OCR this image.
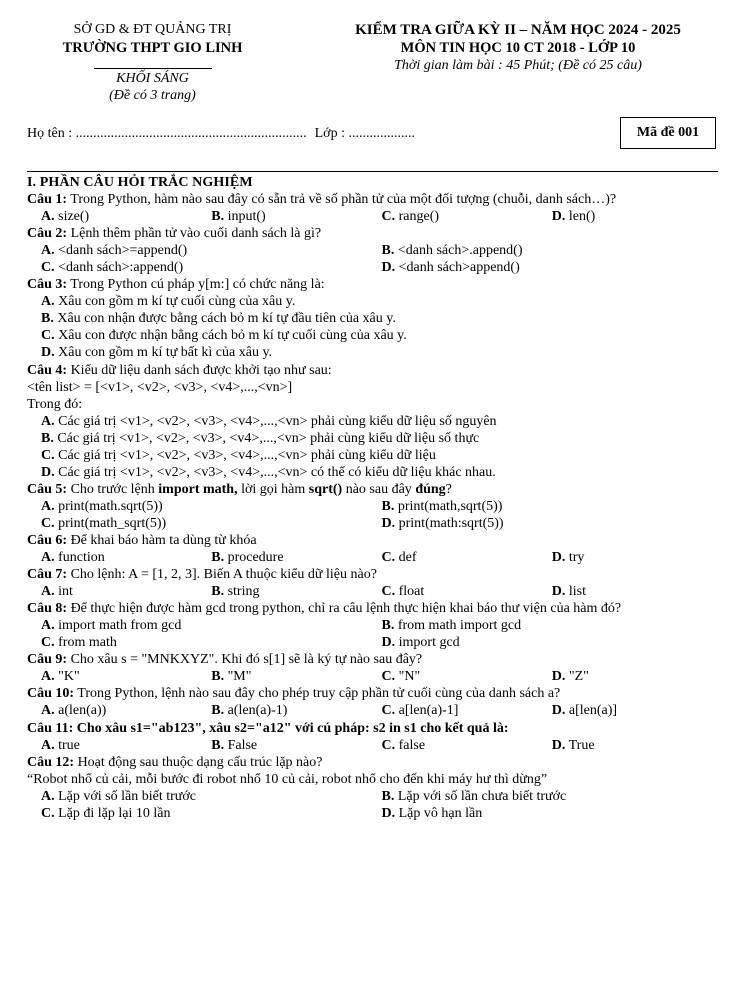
SỞ GD & ĐT QUẢNG TRỊ
TRƯỜNG THPT GIO LINH
KHỐI SÁNG
(Đề có 3 trang)
KIỂM TRA GIỮA KỲ II – NĂM HỌC 2024 - 2025
MÔN TIN HỌC 10 CT 2018 - LỚP 10
Thời gian làm bài : 45 Phút; (Đề có 25 câu)
Họ tên : .................................................................. Lớp : ...................	Mã đề 001
I. PHẦN CÂU HỎI TRẮC NGHIỆM
Câu 1: Trong Python, hàm nào sau đây có sẵn trả về số phần tử của một đối tượng (chuỗi, danh sách…)?
A. size()	B. input()	C. range()	D. len()
Câu 2: Lệnh thêm phần tử vào cuối danh sách là gì?
A. <danh sách>=append()	B. <danh sách>.append()
C. <danh sách>:append()	D. <danh sách>append()
Câu 3: Trong Python cú pháp y[m:] có chức năng là:
A. Xâu con gồm m kí tự cuối cùng của xâu y.
B. Xâu con nhận được bằng cách bỏ m kí tự đầu tiên của xâu y.
C. Xâu con được nhận bằng cách bỏ m kí tự cuối cùng của xâu y.
D. Xâu con gồm m kí tự bất kì của xâu y.
Câu 4: Kiểu dữ liệu danh sách được khởi tạo như sau:
<tên list> = [<v1>, <v2>, <v3>, <v4>,...,<vn>]
Trong đó:
A. Các giá trị <v1>, <v2>, <v3>, <v4>,...,<vn> phải cùng kiểu dữ liệu số nguyên
B. Các giá trị <v1>, <v2>, <v3>, <v4>,...,<vn> phải cùng kiểu dữ liệu số thực
C. Các giá trị <v1>, <v2>, <v3>, <v4>,...,<vn> phải cùng kiểu dữ liệu
D. Các giá trị <v1>, <v2>, <v3>, <v4>,...,<vn> có thể có kiểu dữ liệu khác nhau.
Câu 5: Cho trước lệnh import math, lời gọi hàm sqrt() nào sau đây đúng?
A. print(math.sqrt(5))	B. print(math,sqrt(5))
C. print(math_sqrt(5))	D. print(math:sqrt(5))
Câu 6: Để khai báo hàm ta dùng từ khóa
A. function	B. procedure	C. def	D. try
Câu 7: Cho lệnh: A = [1, 2, 3]. Biến A thuộc kiểu dữ liệu nào?
A. int	B. string	C. float	D. list
Câu 8: Để thực hiện được hàm gcd trong python, chỉ ra câu lệnh thực hiện khai báo thư viện của hàm đó?
A. import math from gcd	B. from math import gcd
C. from math	D. import gcd
Câu 9: Cho xâu s = "MNKXYZ". Khi đó s[1] sẽ là ký tự nào sau đây?
A. "K"	B. "M"	C. "N"	D. "Z"
Câu 10: Trong Python, lệnh nào sau đây cho phép truy cập phần tử cuối cùng của danh sách a?
A. a(len(a))	B. a(len(a)-1)	C. a[len(a)-1]	D. a[len(a)]
Câu 11: Cho xâu s1="ab123", xâu s2="a12" với cú pháp: s2 in s1 cho kết quả là:
A. true	B. False	C. false	D. True
Câu 12: Hoạt động sau thuộc dạng cấu trúc lặp nào?
“Robot nhổ củ cải, mỗi bước đi robot nhổ 10 củ cải, robot nhổ cho đến khi máy hư thì dừng”
A. Lặp với số lần biết trước	B. Lặp với số lần chưa biết trước
C. Lặp đi lặp lại 10 lần	D. Lặp vô hạn lần
